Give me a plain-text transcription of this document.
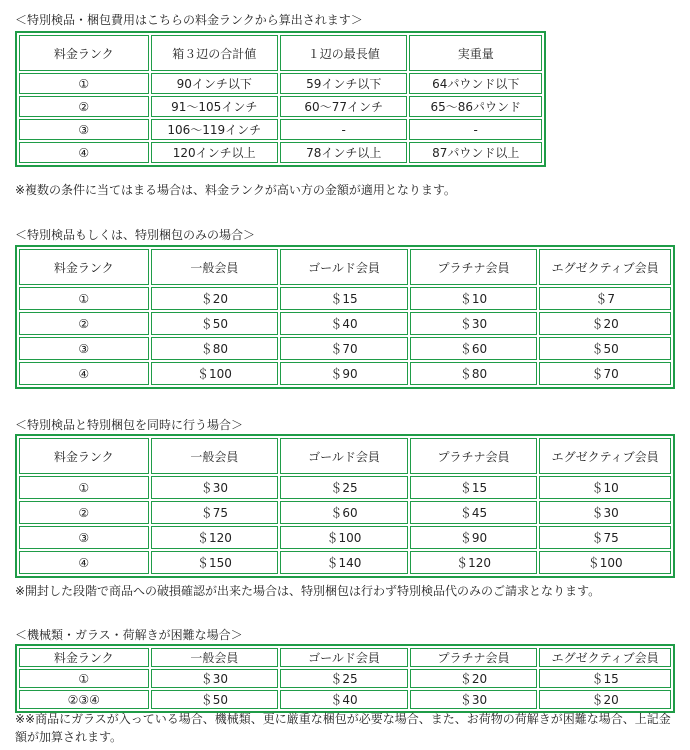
＜特別検品・梱包費用はこちらの料金ランクから算出されます＞
料金ランク	箱３辺の合計値	１辺の最長値	実重量
①	90インチ以下	59インチ以下	64パウンド以下
②	91～105インチ	60～77インチ	65～86パウンド
③	106～119インチ	-	-
④	120インチ以上	78インチ以上	87パウンド以上
※複数の条件に当てはまる場合は、料金ランクが高い方の金額が適用となります。
＜特別検品もしくは、特別梱包のみの場合＞
料金ランク	一般会員	ゴールド会員	プラチナ会員	エグゼクティブ会員
①	＄20	＄15	＄10	＄7
②	＄50	＄40	＄30	＄20
③	＄80	＄70	＄60	＄50
④	＄100	＄90	＄80	＄70
＜特別検品と特別梱包を同時に行う場合＞
料金ランク	一般会員	ゴールド会員	プラチナ会員	エグゼクティブ会員
①	＄30	＄25	＄15	＄10
②	＄75	＄60	＄45	＄30
③	＄120	＄100	＄90	＄75
④	＄150	＄140	＄120	＄100
※開封した段階で商品への破損確認が出来た場合は、特別梱包は行わず特別検品代のみのご請求となります。
＜機械類・ガラス・荷解きが困難な場合＞
料金ランク	一般会員	ゴールド会員	プラチナ会員	エグゼクティブ会員
①	＄30	＄25	＄20	＄15
②③④	＄50	＄40	＄30	＄20
※※商品にガラスが入っている場合、機械類、更に厳重な梱包が必要な場合、また、お荷物の荷解きが困難な場合、上記金額が加算されます。
